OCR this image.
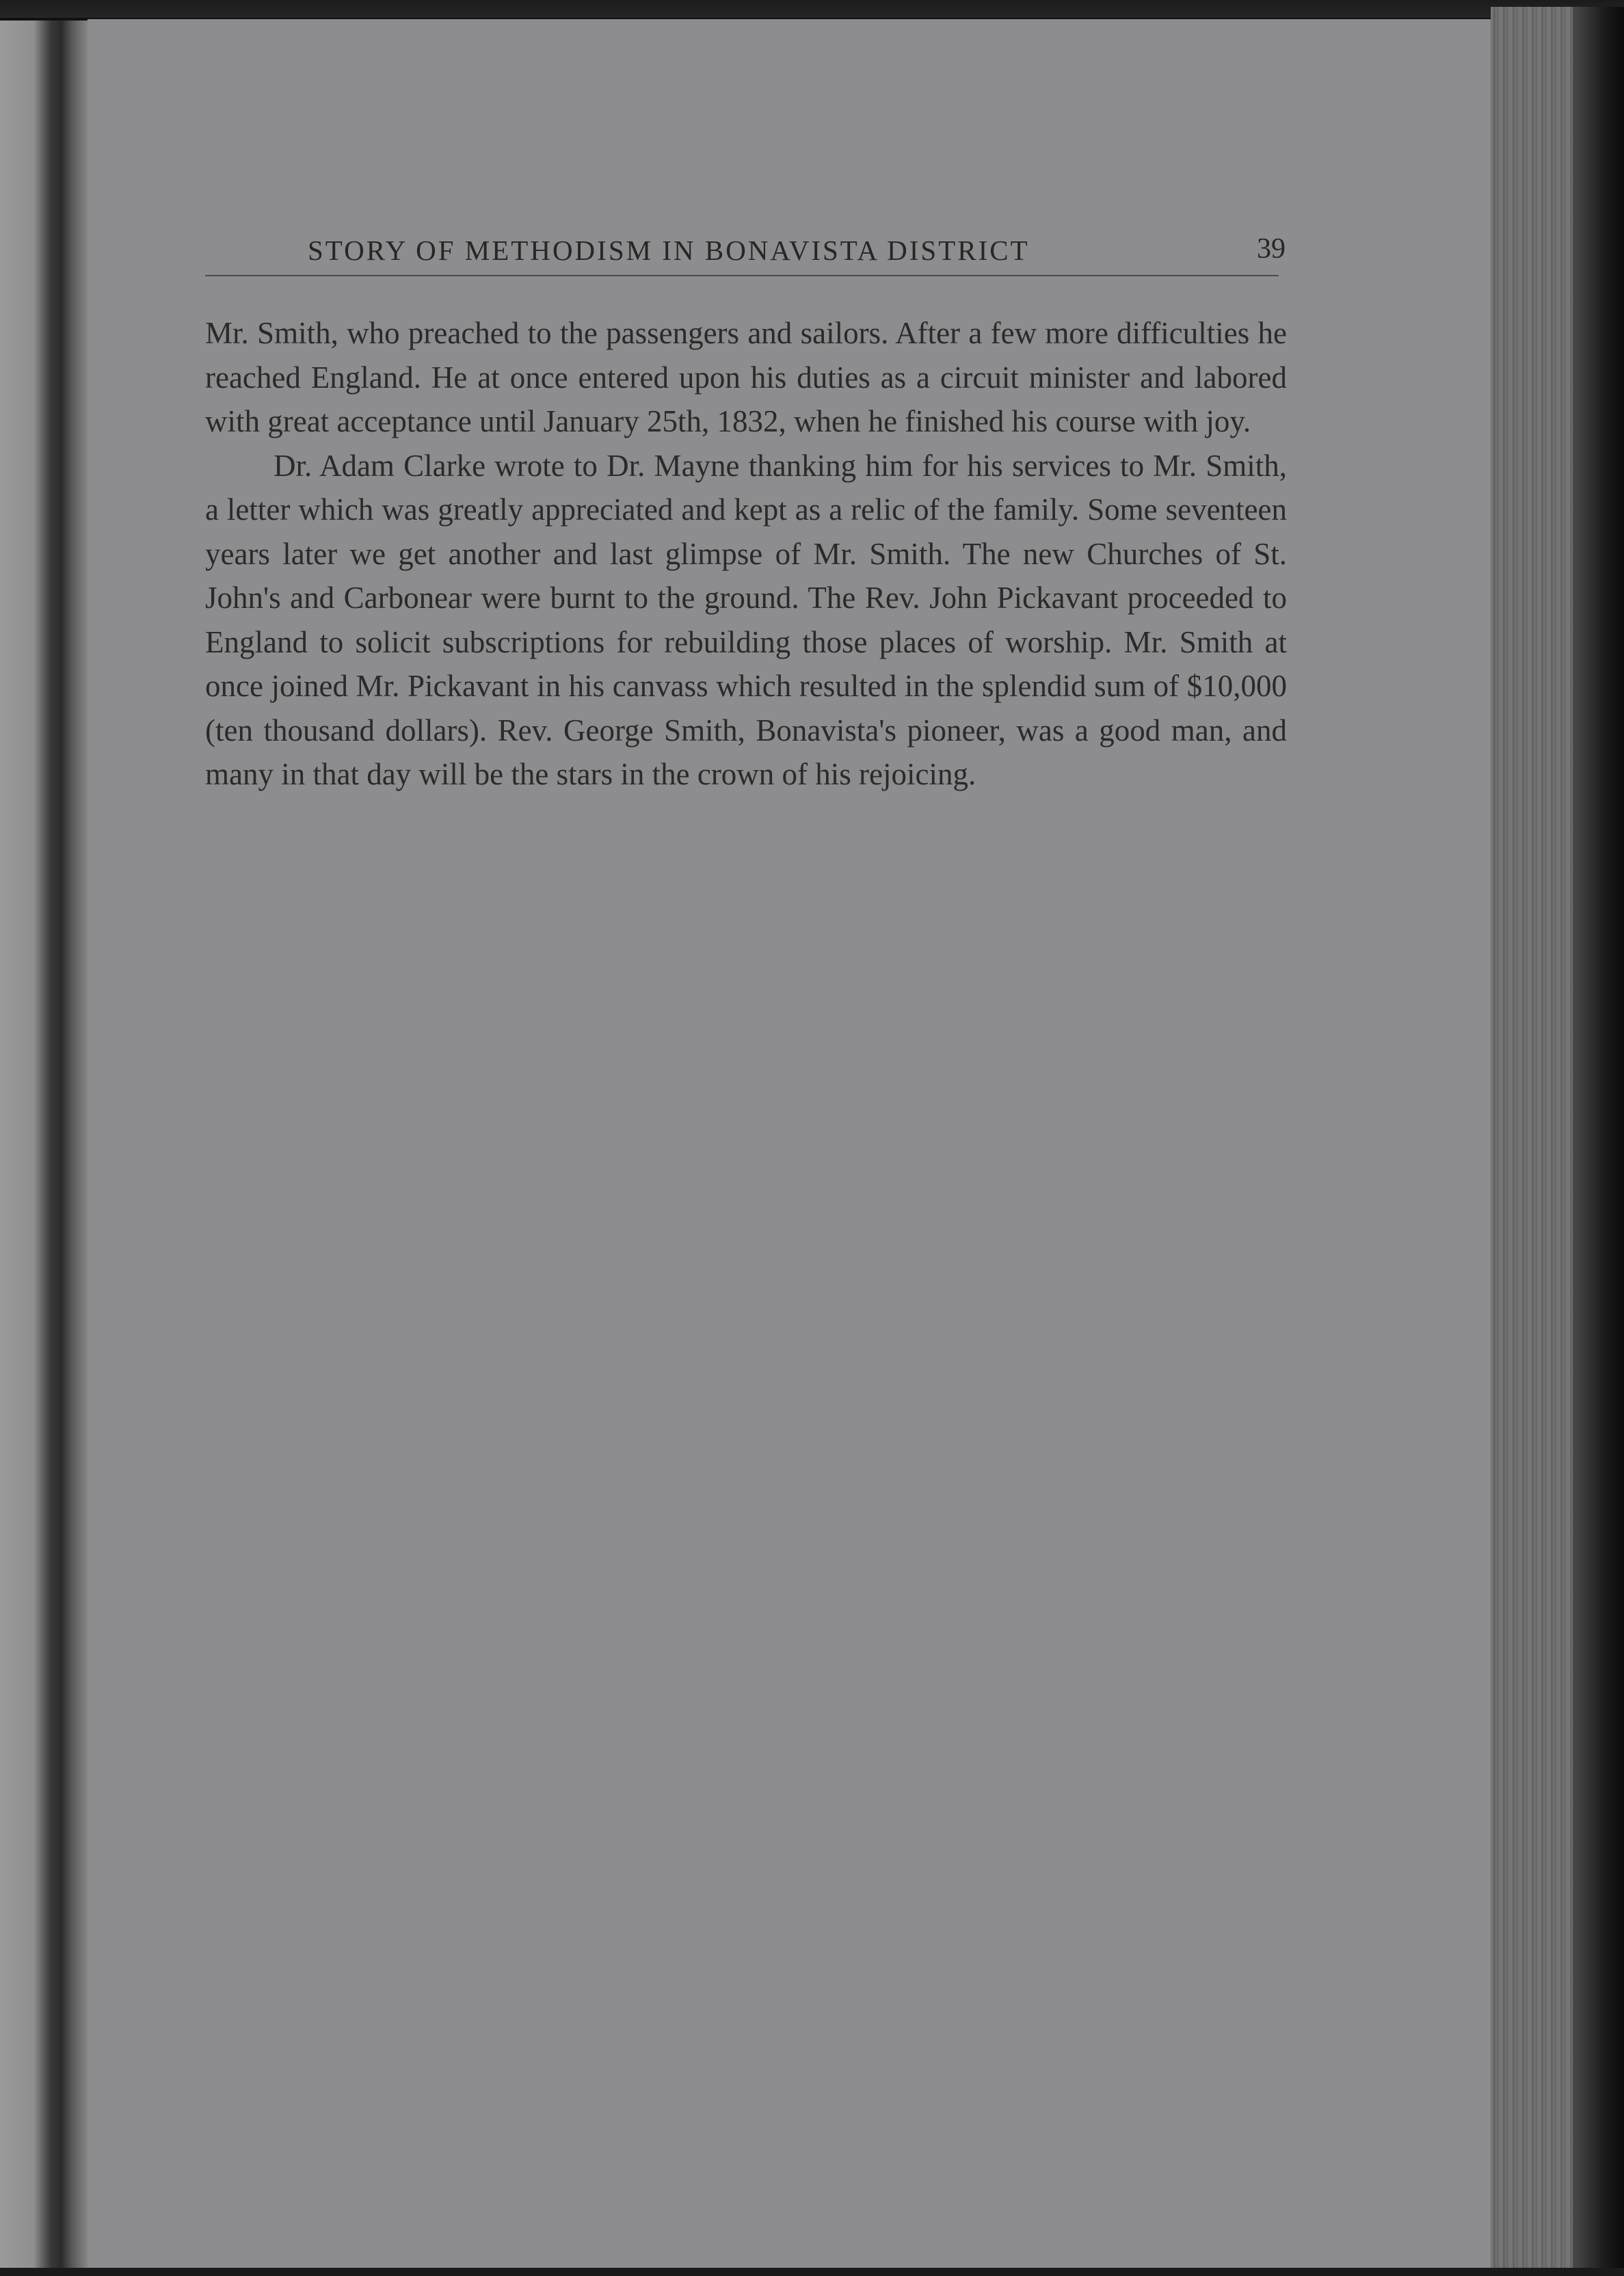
STORY OF METHODISM IN BONAVISTA DISTRICT	39

Mr. Smith, who preached to the passengers and sailors. After a few more difficulties he reached England. He at once entered upon his duties as a circuit minister and labored with great acceptance until January 25th, 1832, when he finished his course with joy.

Dr. Adam Clarke wrote to Dr. Mayne thanking him for his services to Mr. Smith, a letter which was greatly appreciated and kept as a relic of the family. Some seventeen years later we get another and last glimpse of Mr. Smith. The new Churches of St. John's and Carbonear were burnt to the ground. The Rev. John Pickavant proceeded to England to solicit subscriptions for rebuilding those places of worship. Mr. Smith at once joined Mr. Pickavant in his canvass which resulted in the splendid sum of $10,000 (ten thousand dollars). Rev. George Smith, Bonavista's pioneer, was a good man, and many in that day will be the stars in the crown of his rejoicing.
